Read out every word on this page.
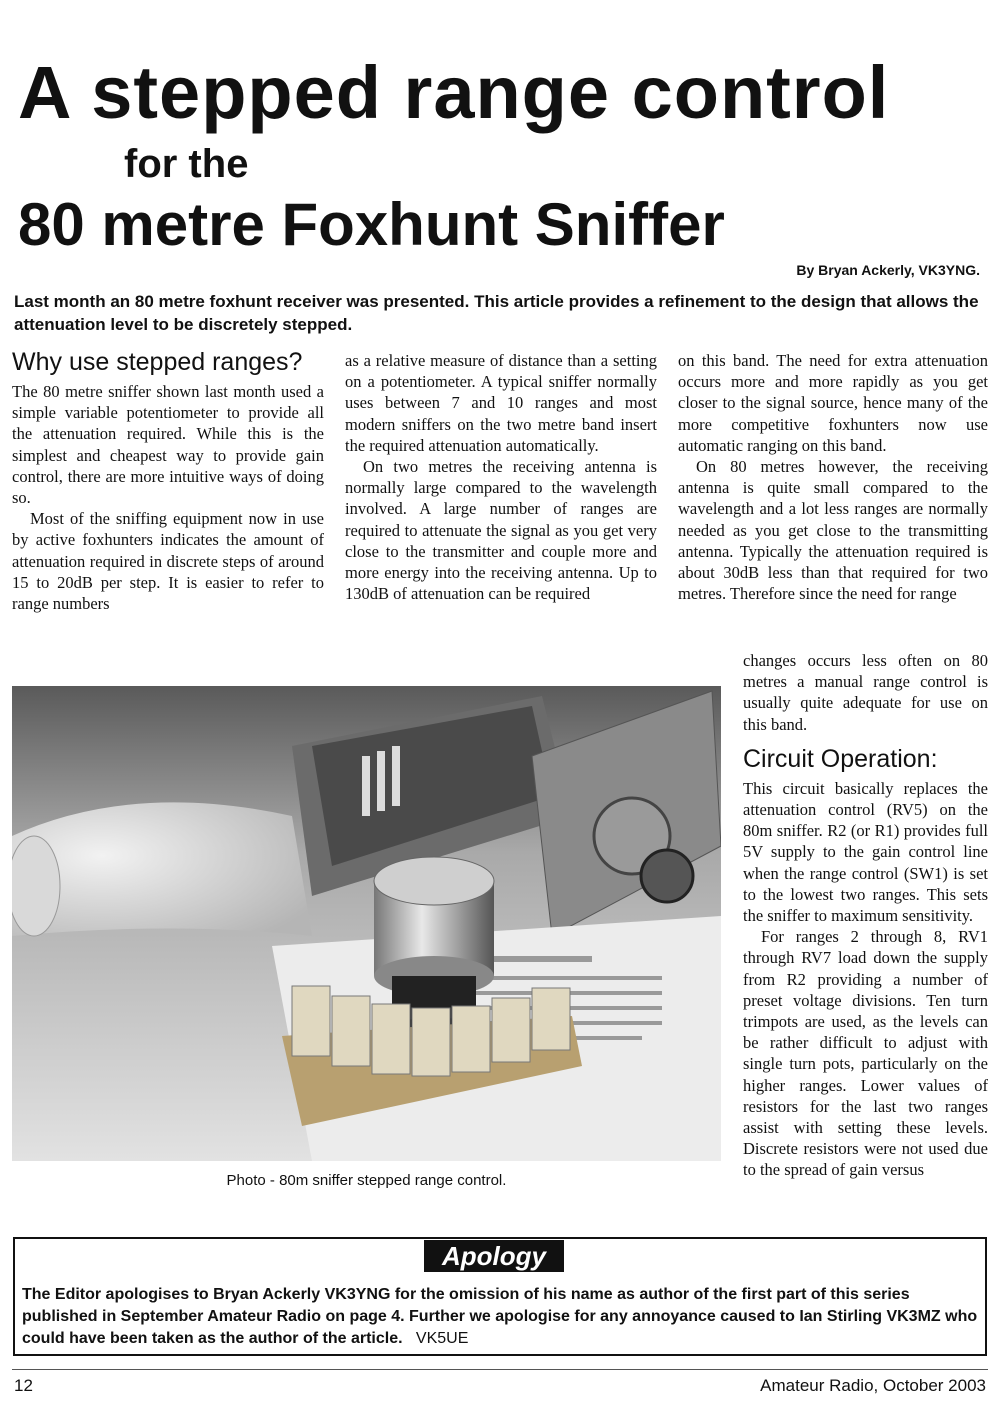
A stepped range control
for the
80 metre Foxhunt Sniffer
By Bryan Ackerly, VK3YNG.
Last month an 80 metre foxhunt receiver was presented. This article provides a refinement to the design that allows the attenuation level to be discretely stepped.
Why use stepped ranges?

The 80 metre sniffer shown last month used a simple variable potentiometer to provide all the attenuation required. While this is the simplest and cheapest way to provide gain control, there are more intuitive ways of doing so.

Most of the sniffing equipment now in use by active foxhunters indicates the amount of attenuation required in discrete steps of around 15 to 20dB per step. It is easier to refer to range numbers

as a relative measure of distance than a setting on a potentiometer. A typical sniffer normally uses between 7 and 10 ranges and most modern sniffers on the two metre band insert the required attenuation automatically.

On two metres the receiving antenna is normally large compared to the wavelength involved. A large number of ranges are required to attenuate the signal as you get very close to the transmitter and couple more and more energy into the receiving antenna. Up to 130dB of attenuation can be required

on this band. The need for extra attenuation occurs more and more rapidly as you get closer to the signal source, hence many of the more competitive foxhunters now use automatic ranging on this band.

On 80 metres however, the receiving antenna is quite small compared to the wavelength and a lot less ranges are normally needed as you get close to the transmitting antenna. Typically the attenuation required is about 30dB less than that required for two metres. Therefore since the need for range

changes occurs less often on 80 metres a manual range control is usually quite adequate for use on this band.

Circuit Operation:

This circuit basically replaces the attenuation control (RV5) on the 80m sniffer. R2 (or R1) provides full 5V supply to the gain control line when the range control (SW1) is set to the lowest two ranges. This sets the sniffer to maximum sensitivity.

For ranges 2 through 8, RV1 through RV7 load down the supply from R2 providing a number of preset voltage divisions. Ten turn trimpots are used, as the levels can be rather difficult to adjust with single turn pots, particularly on the higher ranges. Lower values of resistors for the last two ranges assist with setting these levels. Discrete resistors were not used due to the spread of gain versus

Photo - 80m sniffer stepped range control.
Apology
The Editor apologises to Bryan Ackerly VK3YNG for the omission of his name as author of the first part of this series published in September Amateur Radio on page 4. Further we apologise for any annoyance caused to Ian Stirling VK3MZ who could have been taken as the author of the article. VK5UE
12	Amateur Radio, October 2003
